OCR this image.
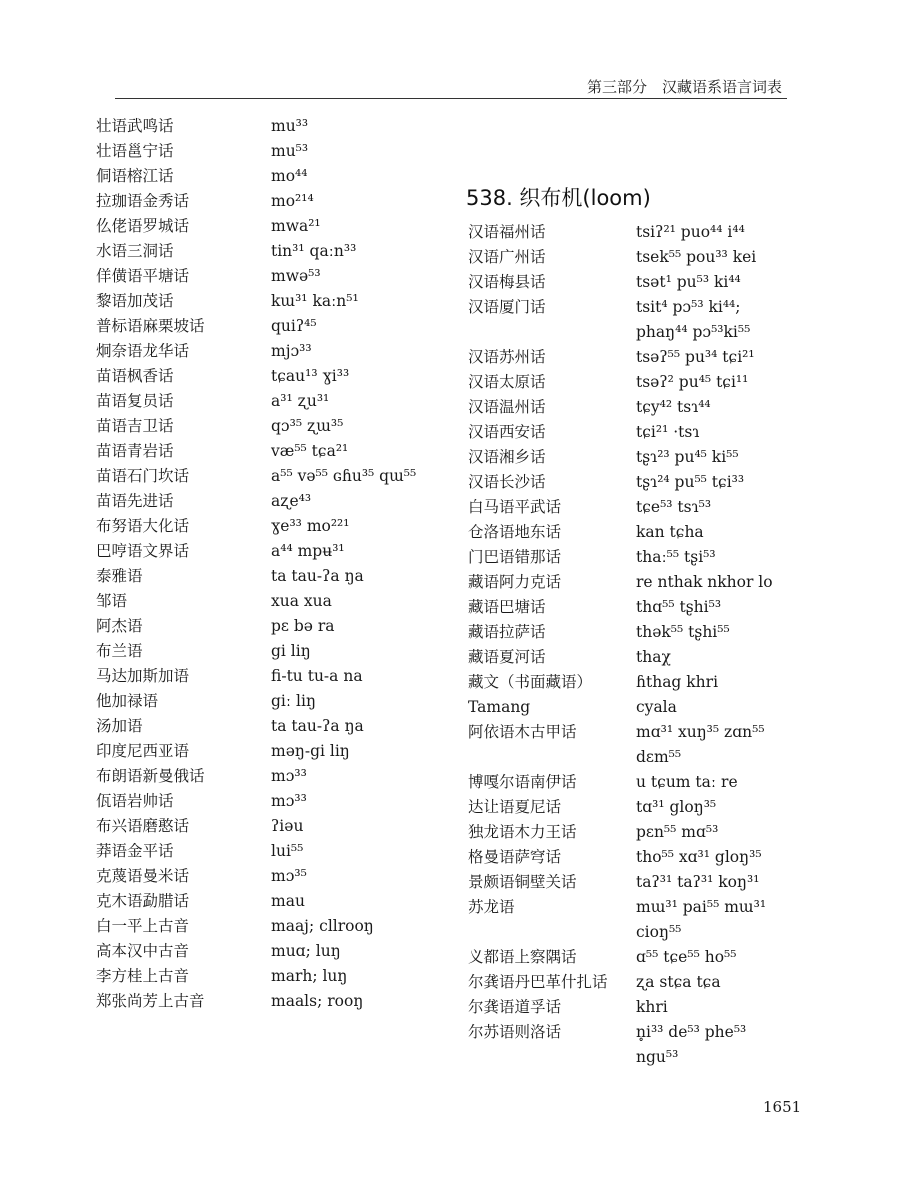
第三部分　汉藏语系语言词表
壮语武鸣话	mu³³
壮语邕宁话	mu⁵³
侗语榕江话	mo⁴⁴
拉珈语金秀话	mo²¹⁴
仫佬语罗城话	mwa²¹
水语三洞话	tin³¹ qaːn³³
佯僙语平塘话	mwə⁵³
黎语加茂话	kɯ³¹ kaːn⁵¹
普标语麻栗坡话	quiʔ⁴⁵
炯奈语龙华话	mjɔ³³
苗语枫香话	tɕau¹³ ɣi³³
苗语复员话	a³¹ ʐu³¹
苗语吉卫话	qɔ³⁵ ʐɯ³⁵
苗语青岩话	væ⁵⁵ tɕa²¹
苗语石门坎话	a⁵⁵ və⁵⁵ ɢɦu³⁵ qɯ⁵⁵
苗语先进话	aʐe⁴³
布努语大化话	ɣe³³ mo²²¹
巴哼语文界话	a⁴⁴ mpʉ³¹
泰雅语	ta tau-ʔa ŋa
邹语	xua xua
阿杰语	pɛ bə ra
布兰语	gi liŋ
马达加斯加语	fi-tu tu-a na
他加禄语	giː liŋ
汤加语	ta tau-ʔa ŋa
印度尼西亚语	məŋ-gi liŋ
布朗语新曼俄话	mɔ³³
佤语岩帅话	mɔ³³
布兴语磨憨话	ʔiəu
莽语金平话	lui⁵⁵
克蔑语曼米话	mɔ³⁵
克木语勐腊话	mau
白一平上古音	maaj; cllrooŋ
高本汉中古音	muɑ; luŋ
李方桂上古音	marh; luŋ
郑张尚芳上古音	maals; rooŋ
538. 织布机(loom)
汉语福州话	tsiʔ²¹ puo⁴⁴ i⁴⁴
汉语广州话	tsek⁵⁵ pou³³ kei
汉语梅县话	tsət¹ pu⁵³ ki⁴⁴
汉语厦门话	tsit⁴ pɔ⁵³ ki⁴⁴;
phaŋ⁴⁴ pɔ⁵³ki⁵⁵
汉语苏州话	tsəʔ⁵⁵ pu³⁴ tɕi²¹
汉语太原话	tsəʔ² pu⁴⁵ tɕi¹¹
汉语温州话	tɕy⁴² tsɿ⁴⁴
汉语西安话	tɕi²¹ ·tsɿ
汉语湘乡话	tʂɿ²³ pu⁴⁵ ki⁵⁵
汉语长沙话	tʂɿ²⁴ pu⁵⁵ tɕi³³
白马语平武话	tɕe⁵³ tsɿ⁵³
仓洛语地东话	kan tɕha
门巴语错那话	thaː⁵⁵ tʂi⁵³
藏语阿力克话	re nthak nkhor lo
藏语巴塘话	thɑ⁵⁵ tʂhi⁵³
藏语拉萨话	thək⁵⁵ tʂhi⁵⁵
藏语夏河话	thaχ
藏文（书面藏语）	ɦthag khri
Tamang	cyala
阿依语木古甲话	mɑ³¹ xuŋ³⁵ zɑn⁵⁵
dɛm⁵⁵
博嘎尔语南伊话	u tɕum taː re
达让语夏尼话	tɑ³¹ gloŋ³⁵
独龙语木力王话	pɛn⁵⁵ mɑ⁵³
格曼语萨穹话	tho⁵⁵ xɑ³¹ gloŋ³⁵
景颇语铜壁关话	taʔ³¹ taʔ³¹ koŋ³¹
苏龙语	mɯ³¹ pai⁵⁵ mɯ³¹
cioŋ⁵⁵
义都语上察隅话	ɑ⁵⁵ tɕe⁵⁵ ho⁵⁵
尔龚语丹巴革什扎话 ʐa stɕa tɕa
尔龚语道孚话	khri
尔苏语则洛话	n̥i³³ de⁵³ phe⁵³
ngu⁵³
1651
